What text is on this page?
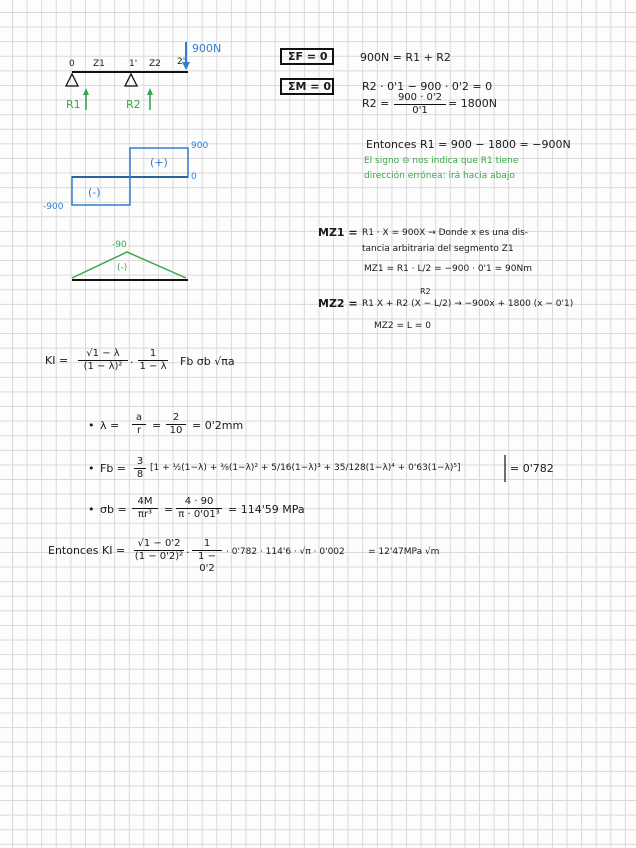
0 Z1	1' Z2 2'
900N
R1	R2
900
-900
0
(+)
(-)
-90
(-)
ΣF = 0
ΣM = 0
900N = R1 + R2
R2 · 0'1 − 900 · 0'2 = 0
$R2 = \frac{900 \cdot 0'2}{0'1} = 1800N$
Entonces R1 = 900 − 1800 = −900N
El signo ⊖ nos indica que R1 tiene
dirección errónea: irá hacia abajo
MZ1 = R1 · X = 900X → Donde x es una dis-
tancia arbitraria del segmento Z1
MZ1 = R1 · L/2 = −900 · 0'1 = 90Nm
R2
MZ2 = R1 X + R2 (X − L/2) → −900x + 1800 (x − 0'1)
MZ2 = L = 0
KI = $\frac{√1 - \lambda}{\text{(1 − λ)²}} \cdot \frac{1}{1 - \lambda}$ Fb σb √πa
• $\lambda = \frac{a}{r} = \frac{2}{10} = 0'2mm$
• $Fb = \frac{3}{8} [1$ + ½(1−λ) + ⅜(1−λ)² + 5/16(1−λ)³ + 35/128(1−λ)⁴ + 0'63(1−λ)⁵]	= 0'782
• $\sigma b = \frac{4M}{\text{πr³}} = \frac{4 \cdot 90}{\text{π · 0'01³}} = 114'59$ MPa
Entonces KI = $\frac{√1 - 0'2}{\text{(1 − 0'2)²}} \cdot \frac{1}{1 - 0'2} \cdot 0'782 \cdot 114'6 \cdot √\pi \cdot 0'002$	= 12'47MPa √m
